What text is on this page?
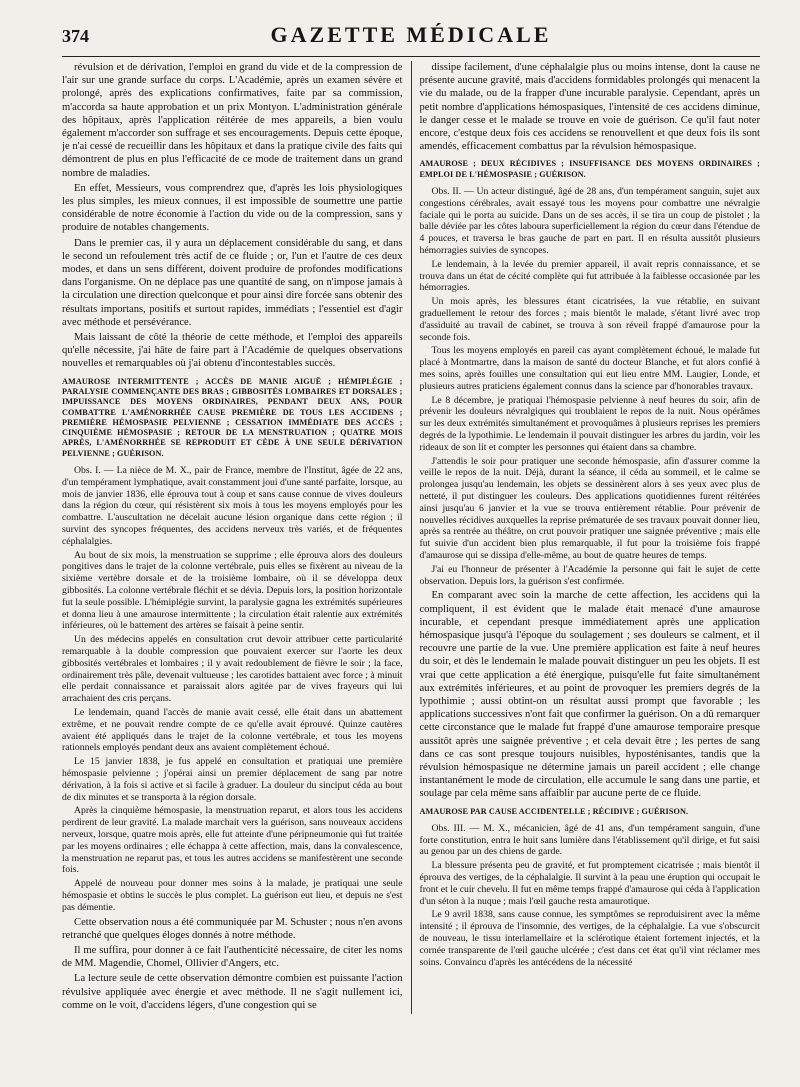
374	GAZETTE MÉDICALE

révulsion et de dérivation, l'emploi en grand du vide et de la compression de l'air sur une grande surface du corps. L'Académie, après un examen sévère et prolongé, après des explications confirmatives, faite par sa commission, m'accorda sa haute approbation et un prix Montyon. L'administration générale des hôpitaux, après l'application réitérée de mes appareils, a bien voulu également m'accorder son suffrage et ses encouragements. Depuis cette époque, je n'ai cessé de recueillir dans les hôpitaux et dans la pratique civile des faits qui démontrent de plus en plus l'efficacité de ce mode de traitement dans un grand nombre de maladies.

En effet, Messieurs, vous comprendrez que, d'après les lois physiologiques les plus simples, les mieux connues, il est impossible de soumettre une partie considérable de notre économie à l'action du vide ou de la compression, sans y produire de notables changements.

Dans le premier cas, il y aura un déplacement considérable du sang, et dans le second un refoulement très actif de ce fluide ; or, l'un et l'autre de ces deux modes, et dans un sens différent, doivent produire de profondes modifications dans l'organisme. On ne déplace pas une quantité de sang, on n'impose jamais à la circulation une direction quelconque et pour ainsi dire forcée sans obtenir des résultats importans, positifs et surtout rapides, immédiats ; l'essentiel est d'agir avec méthode et persévérance.

Mais laissant de côté la théorie de cette méthode, et l'emploi des appareils qu'elle nécessite, j'ai hâte de faire part à l'Académie de quelques observations nouvelles et remarquables où j'ai obtenu d'incontestables succès.

AMAUROSE INTERMITTENTE ; ACCÈS DE MANIE AIGUË ; HÉMIPLÉGIE ; PARALYSIE COMMENÇANTE DES BRAS ; GIBBOSITÉS LOMBAIRES ET DORSALES ; IMPUISSANCE DES MOYENS ORDINAIRES, PENDANT DEUX ANS, POUR COMBATTRE L'AMÉNORRHÉE CAUSE PREMIÈRE DE TOUS LES ACCIDENS ; PREMIÈRE HÉMOSPASIE PELVIENNE ; CESSATION IMMÉDIATE DES ACCÈS ; CINQUIÈME HÉMOSPASIE ; RETOUR DE LA MENSTRUATION ; QUATRE MOIS APRÈS, L'AMÉNORRHÉE SE REPRODUIT ET CÈDE À UNE SEULE DÉRIVATION PELVIENNE ; GUÉRISON.

Obs. I. — La nièce de M. X., pair de France, membre de l'Institut, âgée de 22 ans, d'un tempérament lymphatique, avait constamment joui d'une santé parfaite, lorsque, au mois de janvier 1836, elle éprouva tout à coup et sans cause connue de vives douleurs dans la région du cœur, qui résistèrent six mois à tous les moyens employés pour les combattre. L'auscultation ne décelait aucune lésion organique dans cette région ; il survint des syncopes fréquentes, des accidens nerveux très variés, et de fréquentes céphalalgies.

Au bout de six mois, la menstruation se supprime ; elle éprouva alors des douleurs pongitives dans le trajet de la colonne vertébrale, puis elles se fixèrent au niveau de la sixième vertèbre dorsale et de la troisième lombaire, où il se développa deux gibbosités. La colonne vertébrale fléchit et se dévia. Depuis lors, la position horizontale fut la seule possible. L'hémiplégie survint, la paralysie gagna les extrémités supérieures et donna lieu à une amaurose intermittente ; la circulation était ralentie aux extrémités inférieures, où le battement des artères se faisait à peine sentir.

Un des médecins appelés en consultation crut devoir attribuer cette particularité remarquable à la double compression que pouvaient exercer sur l'aorte les deux gibbosités vertébrales et lombaires ; il y avait redoublement de fièvre le soir ; la face, ordinairement très pâle, devenait vultueuse ; les carotides battaient avec force ; à minuit elle perdait connaissance et paraissait alors agitée par de vives frayeurs qui lui arrachaient des cris perçans.

Le lendemain, quand l'accès de manie avait cessé, elle était dans un abattement extrême, et ne pouvait rendre compte de ce qu'elle avait éprouvé. Quinze cautères avaient été appliqués dans le trajet de la colonne vertébrale, et tous les moyens rationnels employés pendant deux ans avaient complètement échoué.

Le 15 janvier 1838, je fus appelé en consultation et pratiquai une première hémospasie pelvienne ; j'opérai ainsi un premier déplacement de sang par notre dérivation, à la fois si active et si facile à graduer. La douleur du sinciput céda au bout de dix minutes et se transporta à la région dorsale.

Après la cinquième hémospasie, la menstruation reparut, et alors tous les accidens perdirent de leur gravité. La malade marchait vers la guérison, sans nouveaux accidens nerveux, lorsque, quatre mois après, elle fut atteinte d'une péripneumonie qui fut traitée par les moyens ordinaires ; elle échappa à cette affection, mais, dans la convalescence, la menstruation ne reparut pas, et tous les autres accidens se manifestèrent une seconde fois.

Appelé de nouveau pour donner mes soins à la malade, je pratiquai une seule hémospasie et obtins le succès le plus complet. La guérison eut lieu, et depuis ne s'est pas démentie.

Cette observation nous a été communiquée par M. Schuster ; nous n'en avons retranché que quelques éloges donnés à notre méthode.

Il me suffira, pour donner à ce fait l'authenticité nécessaire, de citer les noms de MM. Magendie, Chomel, Ollivier d'Angers, etc.

La lecture seule de cette observation démontre combien est puissante l'action révulsive appliquée avec énergie et avec méthode. Il ne s'agit nullement ici, comme on le voit, d'accidens légers, d'une congestion qui se

dissipe facilement, d'une céphalalgie plus ou moins intense, dont la cause ne présente aucune gravité, mais d'accidens formidables prolongés qui menacent la vie du malade, ou de la frapper d'une incurable paralysie. Cependant, après un petit nombre d'applications hémospasiques, l'intensité de ces accidens diminue, le danger cesse et le malade se trouve en voie de guérison. Ce qu'il faut noter encore, c'estque deux fois ces accidens se renouvellent et que deux fois ils sont amendés, efficacement combattus par la révulsion hémospasique.

AMAUROSE ; DEUX RÉCIDIVES ; INSUFFISANCE DES MOYENS ORDINAIRES ; EMPLOI DE L'HÉMOSPASIE ; GUÉRISON.

Obs. II. — Un acteur distingué, âgé de 28 ans, d'un tempérament sanguin, sujet aux congestions cérébrales, avait essayé tous les moyens pour combattre une névralgie faciale qui le porta au suicide. Dans un de ses accès, il se tira un coup de pistolet ; la balle déviée par les côtes laboura superficiellement la région du cœur dans l'étendue de 4 pouces, et traversa le bras gauche de part en part. Il en résulta aussitôt plusieurs hémorragies suivies de syncopes.

Le lendemain, à la levée du premier appareil, il avait repris connaissance, et se trouva dans un état de cécité complète qui fut attribuée à la faiblesse occasionée par les hémorragies.

Un mois après, les blessures étant cicatrisées, la vue rétablie, en suivant graduellement le retour des forces ; mais bientôt le malade, s'étant livré avec trop d'assiduité au travail de cabinet, se trouva à son réveil frappé d'amaurose pour la seconde fois.

Tous les moyens employés en pareil cas ayant complètement échoué, le malade fut placé à Montmartre, dans la maison de santé du docteur Blanche, et fut alors confié à mes soins, après fouilles une consultation qui eut lieu entre MM. Laugier, Londe, et plusieurs autres praticiens également connus dans la science par d'honorables travaux.

Le 8 décembre, je pratiquai l'hémospasie pelvienne à neuf heures du soir, afin de prévenir les douleurs névralgiques qui troublaient le repos de la nuit. Nous opérâmes sur les deux extrémités simultanément et provoquâmes à plusieurs reprises les premiers degrés de la lypothimie. Le lendemain il pouvait distinguer les arbres du jardin, voir les rideaux de son lit et compter les personnes qui étaient dans sa chambre.

J'attendis le soir pour pratiquer une seconde hémospasie, afin d'assurer comme la veille le repos de la nuit. Déjà, durant la séance, il céda au sommeil, et le calme se prolongea jusqu'au lendemain, les objets se dessinèrent alors à ses yeux avec plus de netteté, il put distinguer les couleurs. Des applications quotidiennes furent réitérées ainsi jusqu'au 6 janvier et la vue se trouva entièrement rétablie. Pour prévenir de nouvelles récidives auxquelles la reprise prématurée de ses travaux pouvait donner lieu, après sa rentrée au théâtre, on crut pouvoir pratiquer une saignée préventive ; mais elle fut suivie d'un accident bien plus remarquable, il fut pour la troisième fois frappé d'amaurose qui se dissipa d'elle-même, au bout de quatre heures de temps.

J'ai eu l'honneur de présenter à l'Académie la personne qui fait le sujet de cette observation. Depuis lors, la guérison s'est confirmée.

En comparant avec soin la marche de cette affection, les accidens qui la compliquent, il est évident que le malade était menacé d'une amaurose incurable, et cependant presque immédiatement après une application hémospasique jusqu'à l'époque du soulagement ; ses douleurs se calment, et il recouvre une partie de la vue. Une première application est faite à neuf heures du soir, et dès le lendemain le malade pouvait distinguer un peu les objets. Il est vrai que cette application a été énergique, puisqu'elle fut faite simultanément aux extrémités inférieures, et au point de provoquer les premiers degrés de la lypothimie ; aussi obtint-on un résultat aussi prompt que favorable ; les applications successives n'ont fait que confirmer la guérison. On a dû remarquer cette circonstance que le malade fut frappé d'une amaurose temporaire presque aussitôt après une saignée préventive ; et cela devait être ; les pertes de sang dans ce cas sont presque toujours nuisibles, hyposténisantes, tandis que la révulsion hémospasique ne détermine jamais un pareil accident ; elle change instantanément le mode de circulation, elle accumule le sang dans une partie, et soulage par cela même sans affaiblir par aucune perte de ce fluide.

AMAUROSE PAR CAUSE ACCIDENTELLE ; RÉCIDIVE ; GUÉRISON.

Obs. III. — M. X., mécanicien, âgé de 41 ans, d'un tempérament sanguin, d'une forte constitution, entra le huit sans lumière dans l'établissement qu'il dirige, et fut saisi au genou par un des chiens de garde.

La blessure présenta peu de gravité, et fut promptement cicatrisée ; mais bientôt il éprouva des vertiges, de la céphalalgie. Il survint à la peau une éruption qui occupait le front et le cuir chevelu. Il fut en même temps frappé d'amaurose qui céda à l'application d'un séton à la nuque ; mais l'œil gauche resta amaurotique.

Le 9 avril 1838, sans cause connue, les symptômes se reproduisirent avec la même intensité ; il éprouva de l'insomnie, des vertiges, de la céphalalgie. La vue s'obscurcit de nouveau, le tissu interlamellaire et la sclérotique étaient fortement injectés, et la cornée transparente de l'œil gauche ulcérée ; c'est dans cet état qu'il vint réclamer mes soins. Convaincu d'après les antécédens de la nécessité
